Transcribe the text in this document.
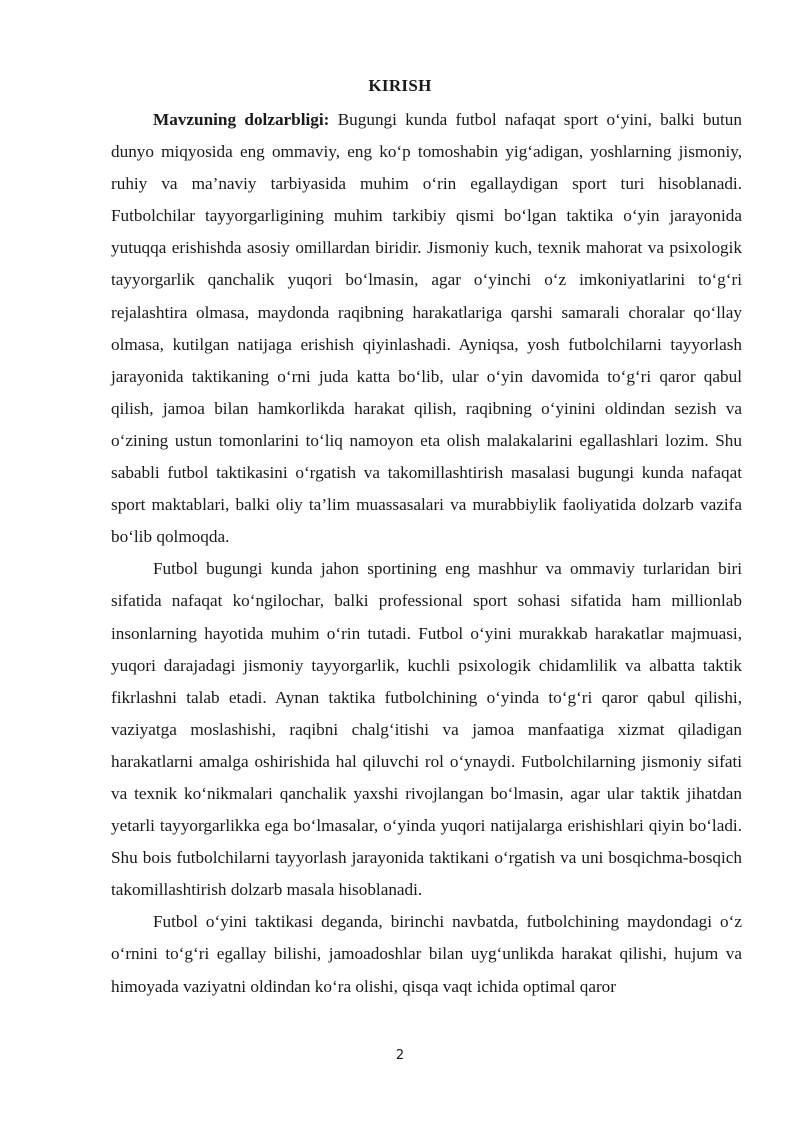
KIRISH

Mavzuning dolzarbligi: Bugungi kunda futbol nafaqat sport o‘yini, balki butun dunyo miqyosida eng ommaviy, eng ko‘p tomoshabin yig‘adigan, yoshlarning jismoniy, ruhiy va ma’naviy tarbiyasida muhim o‘rin egallaydigan sport turi hisoblanadi. Futbolchilar tayyorgarligining muhim tarkibiy qismi bo‘lgan taktika o‘yin jarayonida yutuqqa erishishda asosiy omillardan biridir. Jismoniy kuch, texnik mahorat va psixologik tayyorgarlik qanchalik yuqori bo‘lmasin, agar o‘yinchi o‘z imkoniyatlarini to‘g‘ri rejalashtira olmasa, maydonda raqibning harakatlariga qarshi samarali choralar qo‘llay olmasa, kutilgan natijaga erishish qiyinlashadi. Ayniqsa, yosh futbolchilarni tayyorlash jarayonida taktikaning o‘rni juda katta bo‘lib, ular o‘yin davomida to‘g‘ri qaror qabul qilish, jamoa bilan hamkorlikda harakat qilish, raqibning o‘yinini oldindan sezish va o‘zining ustun tomonlarini to‘liq namoyon eta olish malakalarini egallashlari lozim. Shu sababli futbol taktikasini o‘rgatish va takomillashtirish masalasi bugungi kunda nafaqat sport maktablari, balki oliy ta’lim muassasalari va murabbiylik faoliyatida dolzarb vazifa bo‘lib qolmoqda.

Futbol bugungi kunda jahon sportining eng mashhur va ommaviy turlaridan biri sifatida nafaqat ko‘ngilochar, balki professional sport sohasi sifatida ham millionlab insonlarning hayotida muhim o‘rin tutadi. Futbol o‘yini murakkab harakatlar majmuasi, yuqori darajadagi jismoniy tayyorgarlik, kuchli psixologik chidamlilik va albatta taktik fikrlashni talab etadi. Aynan taktika futbolchining o‘yinda to‘g‘ri qaror qabul qilishi, vaziyatga moslashishi, raqibni chalg‘itishi va jamoa manfaatiga xizmat qiladigan harakatlarni amalga oshirishida hal qiluvchi rol o‘ynaydi. Futbolchilarning jismoniy sifati va texnik ko‘nikmalari qanchalik yaxshi rivojlangan bo‘lmasin, agar ular taktik jihatdan yetarli tayyorgarlikka ega bo‘lmasalar, o‘yinda yuqori natijalarga erishishlari qiyin bo‘ladi. Shu bois futbolchilarni tayyorlash jarayonida taktikani o‘rgatish va uni bosqichma-bosqich takomillashtirish dolzarb masala hisoblanadi.

Futbol o‘yini taktikasi deganda, birinchi navbatda, futbolchining maydondagi o‘z o‘rnini to‘g‘ri egallay bilishi, jamoadoshlar bilan uyg‘unlikda harakat qilishi, hujum va himoyada vaziyatni oldindan ko‘ra olishi, qisqa vaqt ichida optimal qaror

2
